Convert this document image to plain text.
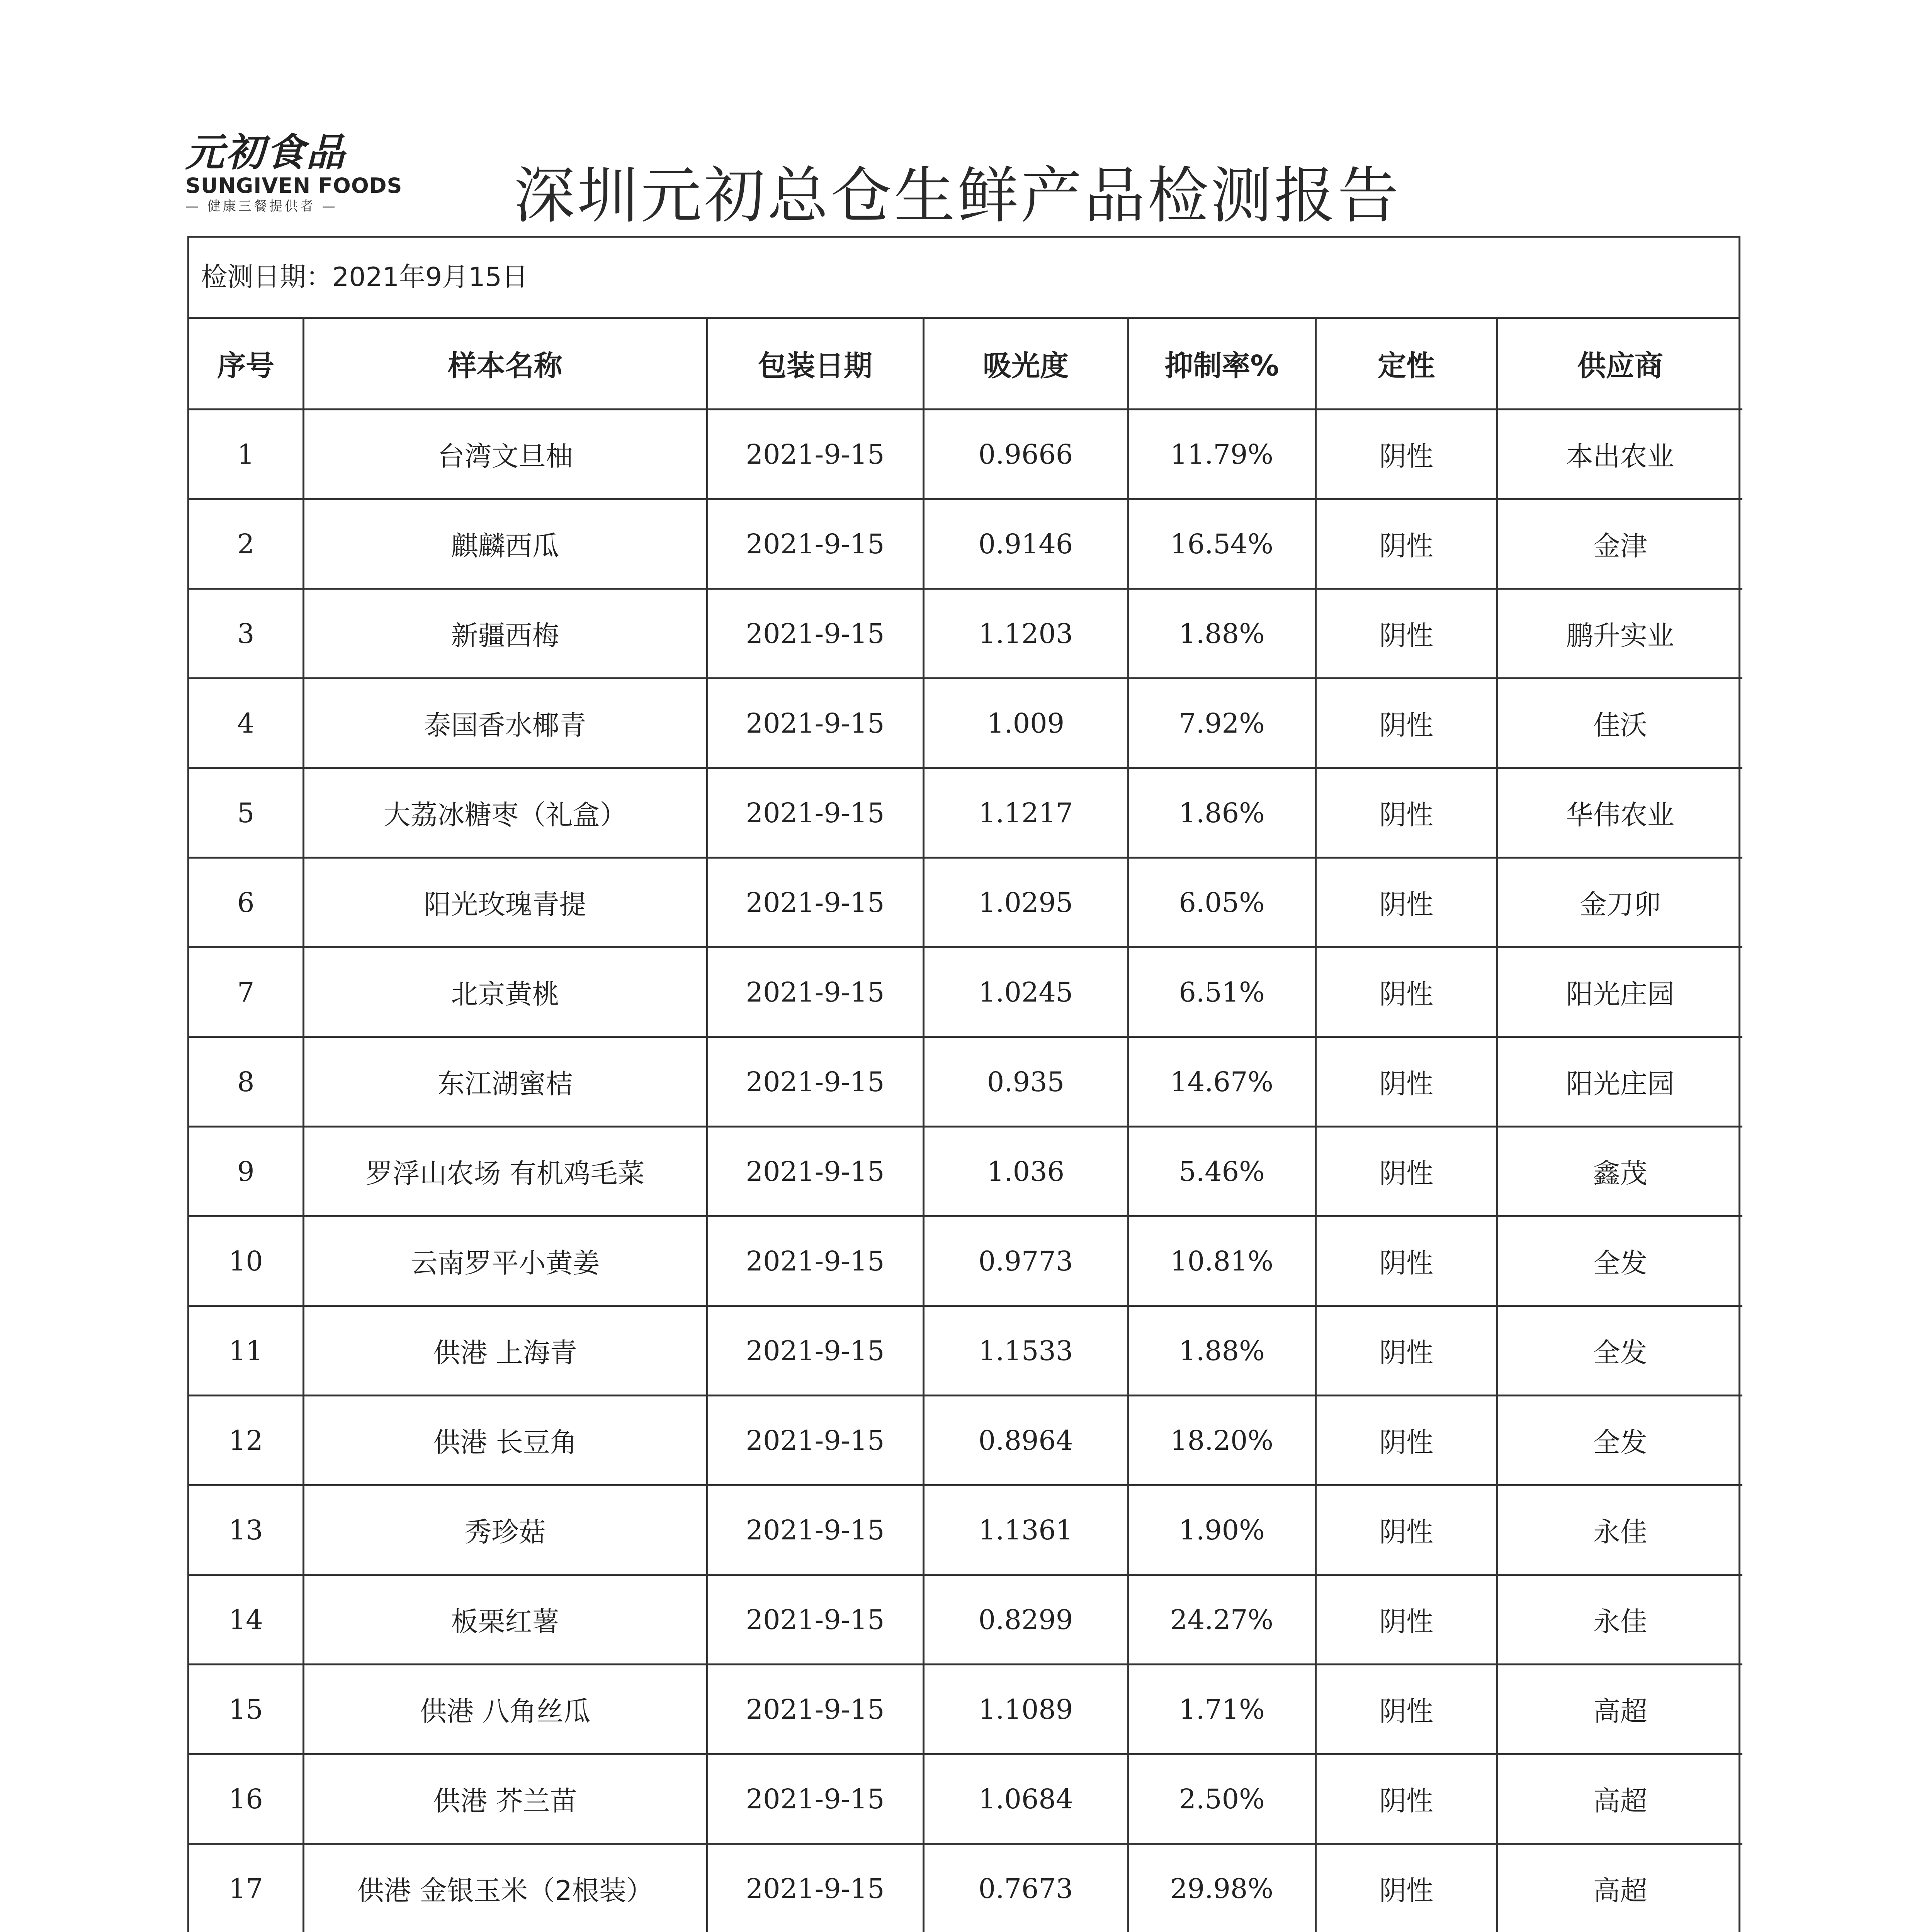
元初食品
SUNGIVEN FOODS
— 健康三餐提供者 —	深圳元初总仓生鲜产品检测报告
检测日期：2021年9月15日
序号	样本名称	包装日期	吸光度	抑制率%	定性	供应商
1	台湾文旦柚	2021-9-15	0.9666	11.79%	阴性	本出农业
2	麒麟西瓜	2021-9-15	0.9146	16.54%	阴性	金津
3	新疆西梅	2021-9-15	1.1203	1.88%	阴性	鹏升实业
4	泰国香水椰青	2021-9-15	1.009	7.92%	阴性	佳沃
5	大荔冰糖枣（礼盒）	2021-9-15	1.1217	1.86%	阴性	华伟农业
6	阳光玫瑰青提	2021-9-15	1.0295	6.05%	阴性	金刀卯
7	北京黄桃	2021-9-15	1.0245	6.51%	阴性	阳光庄园
8	东江湖蜜桔	2021-9-15	0.935	14.67%	阴性	阳光庄园
9	罗浮山农场 有机鸡毛菜	2021-9-15	1.036	5.46%	阴性	鑫茂
10	云南罗平小黄姜	2021-9-15	0.9773	10.81%	阴性	全发
11	供港 上海青	2021-9-15	1.1533	1.88%	阴性	全发
12	供港 长豆角	2021-9-15	0.8964	18.20%	阴性	全发
13	秀珍菇	2021-9-15	1.1361	1.90%	阴性	永佳
14	板栗红薯	2021-9-15	0.8299	24.27%	阴性	永佳
15	供港 八角丝瓜	2021-9-15	1.1089	1.71%	阴性	高超
16	供港 芥兰苗	2021-9-15	1.0684	2.50%	阴性	高超
17	供港 金银玉米（2根装）	2021-9-15	0.7673	29.98%	阴性	高超
